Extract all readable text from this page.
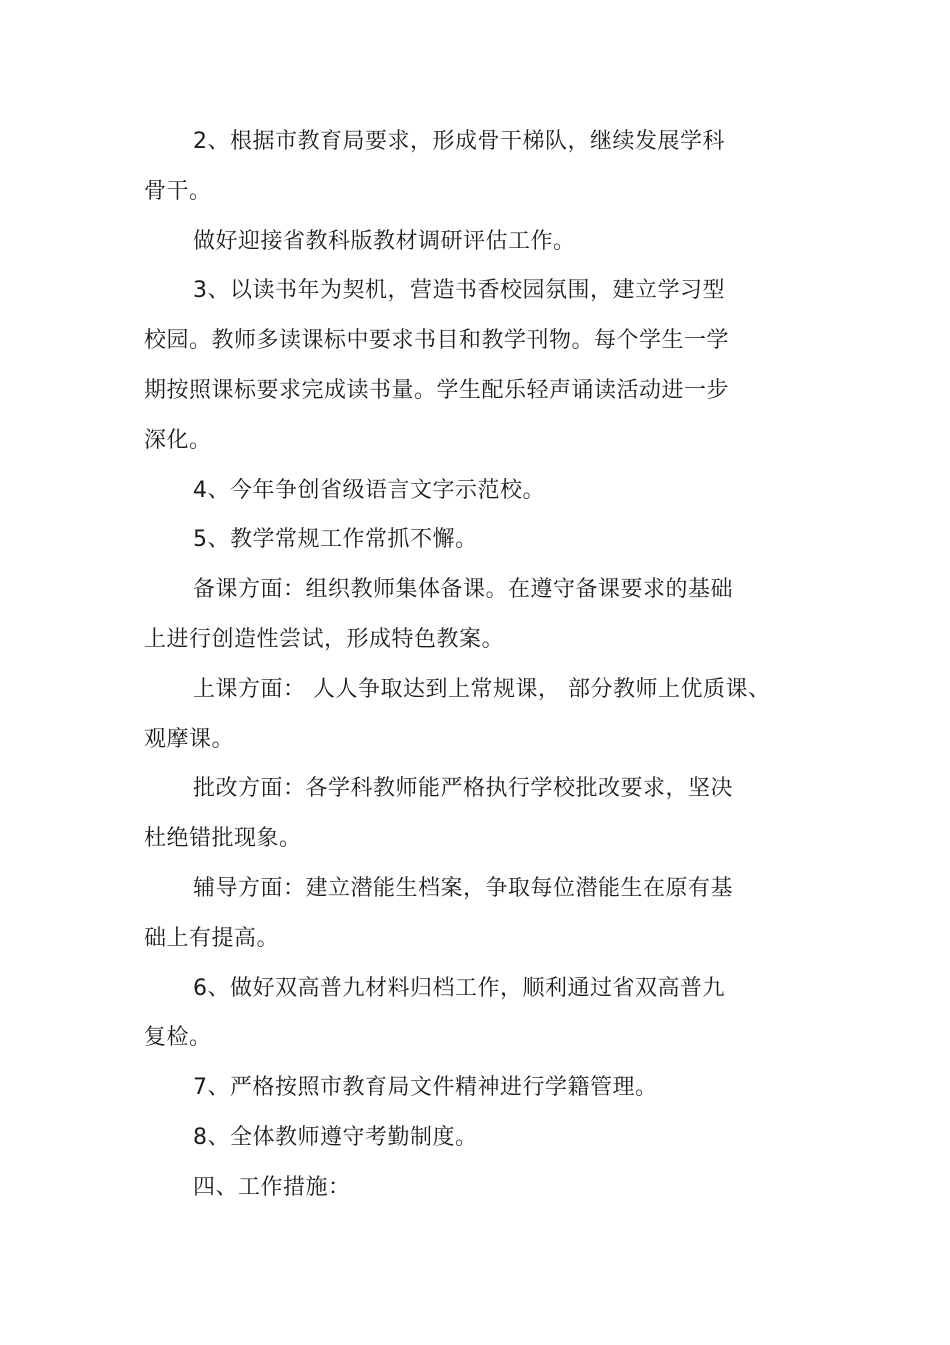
2、根据市教育局要求，形成骨干梯队，继续发展学科
骨干。
做好迎接省教科版教材调研评估工作。
3、以读书年为契机，营造书香校园氛围，建立学习型
校园。教师多读课标中要求书目和教学刊物。每个学生一学
期按照课标要求完成读书量。学生配乐轻声诵读活动进一步
深化。
4、今年争创省级语言文字示范校。
5、教学常规工作常抓不懈。
备课方面：组织教师集体备课。在遵守备课要求的基础
上进行创造性尝试，形成特色教案。
上课方面： 人人争取达到上常规课， 部分教师上优质课、
观摩课。
批改方面：各学科教师能严格执行学校批改要求，坚决
杜绝错批现象。
辅导方面：建立潜能生档案，争取每位潜能生在原有基
础上有提高。
6、做好双高普九材料归档工作，顺利通过省双高普九
复检。
7、严格按照市教育局文件精神进行学籍管理。
8、全体教师遵守考勤制度。
四、工作措施：
